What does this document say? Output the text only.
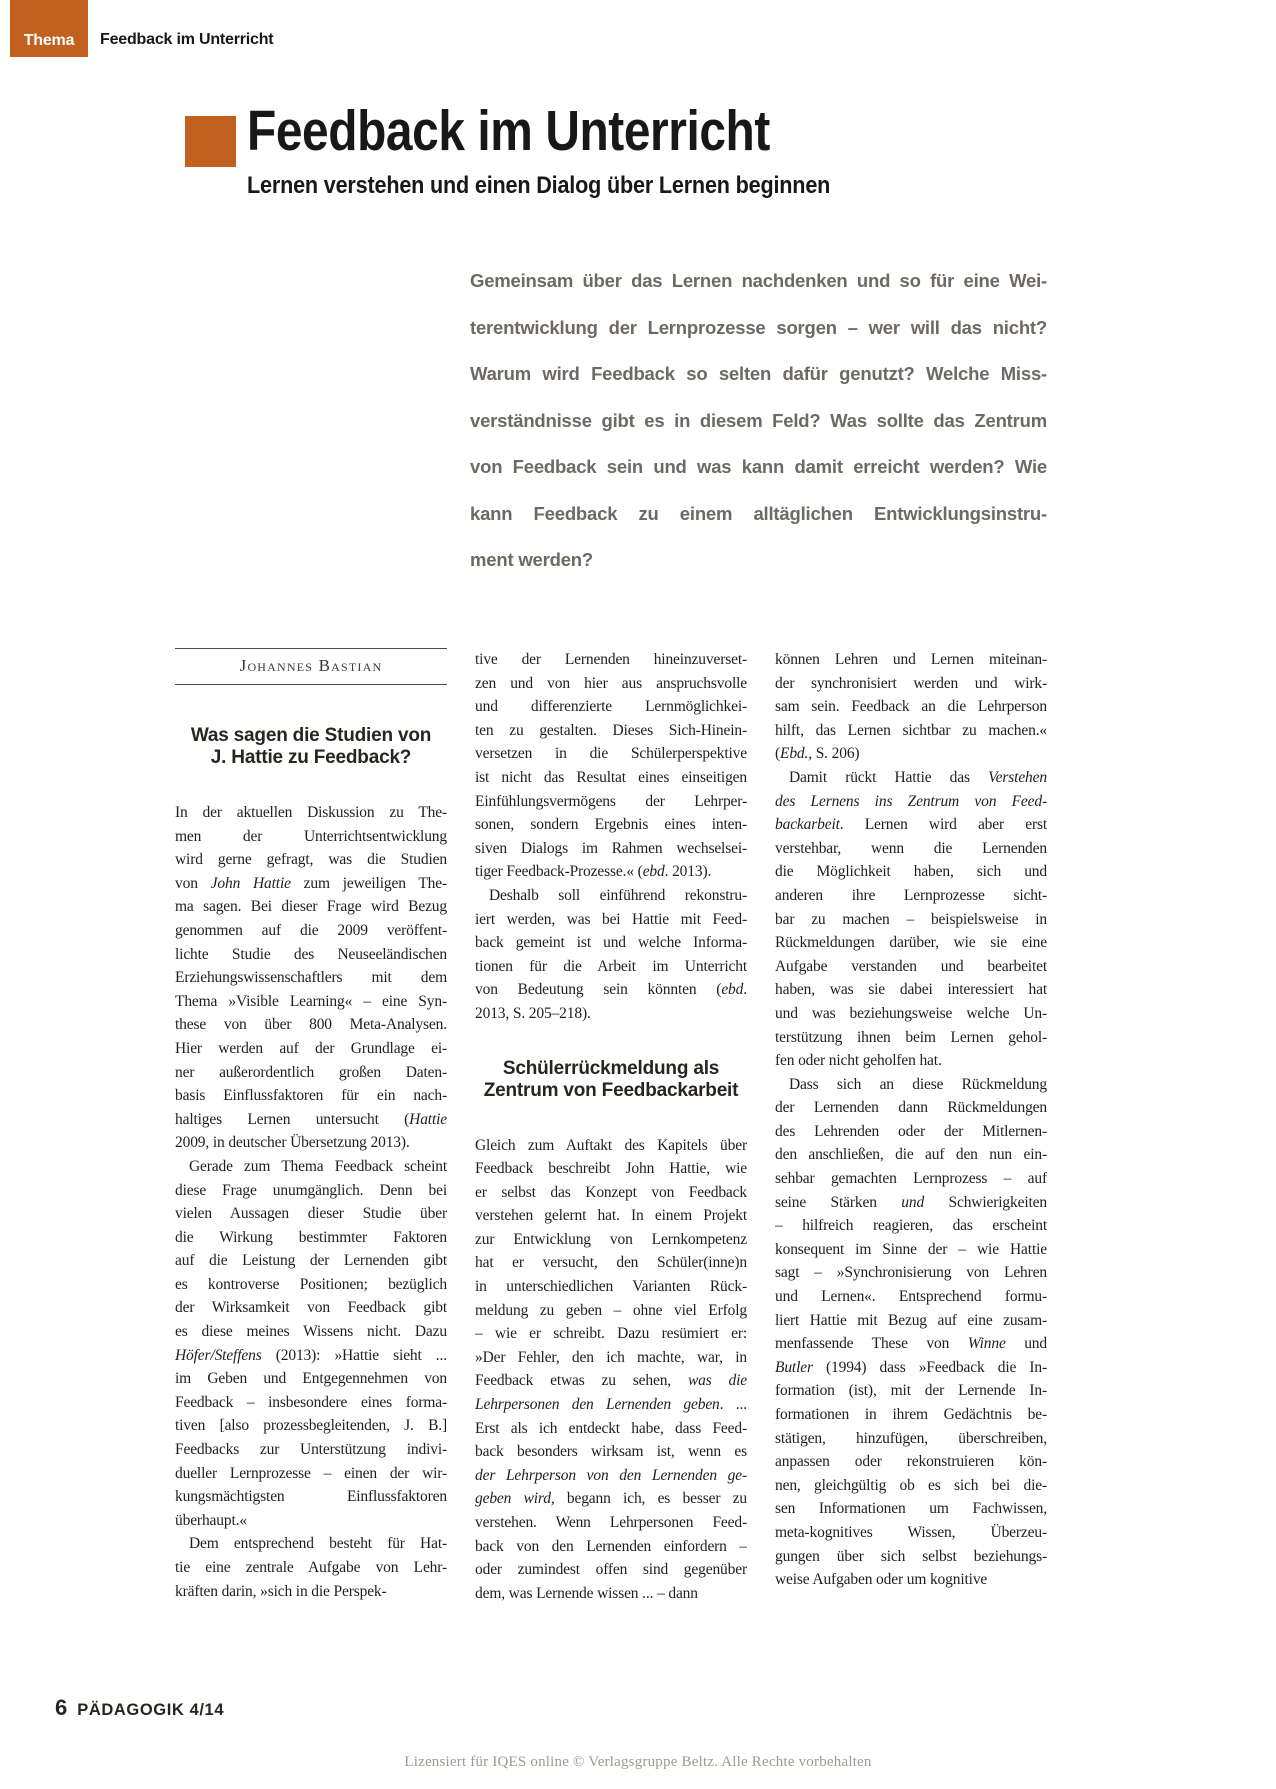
Thema Feedback im Unterricht
Feedback im Unterricht
Lernen verstehen und einen Dialog über Lernen beginnen
Gemeinsam über das Lernen nachdenken und so für eine Wei-
terentwicklung der Lernprozesse sorgen – wer will das nicht?
Warum wird Feedback so selten dafür genutzt? Welche Miss-
verständnisse gibt es in diesem Feld? Was sollte das Zentrum
von Feedback sein und was kann damit erreicht werden? Wie
kann Feedback zu einem alltäglichen Entwicklungsinstru-
ment werden?
Johannes Bastian
Was sagen die Studien von
J. Hattie zu Feedback?
In der aktuellen Diskussion zu The-
men der Unterrichtsentwicklung
wird gerne gefragt, was die Studien
von John Hattie zum jeweiligen The-
ma sagen. Bei dieser Frage wird Bezug
genommen auf die 2009 veröffent-
lichte Studie des Neuseeländischen
Erziehungswissenschaftlers mit dem
Thema »Visible Learning« – eine Syn-
these von über 800 Meta-Analysen.
Hier werden auf der Grundlage ei-
ner außerordentlich großen Daten-
basis Einflussfaktoren für ein nach-
haltiges Lernen untersucht (Hattie
2009, in deutscher Übersetzung 2013).
Gerade zum Thema Feedback scheint
diese Frage unumgänglich. Denn bei
vielen Aussagen dieser Studie über
die Wirkung bestimmter Faktoren
auf die Leistung der Lernenden gibt
es kontroverse Positionen; bezüglich
der Wirksamkeit von Feedback gibt
es diese meines Wissens nicht. Dazu
Höfer/Steffens (2013): »Hattie sieht ...
im Geben und Entgegennehmen von
Feedback – insbesondere eines forma-
tiven [also prozessbegleitenden, J. B.]
Feedbacks zur Unterstützung indivi-
dueller Lernprozesse – einen der wir-
kungsmächtigsten Einflussfaktoren
überhaupt.«
Dem entsprechend besteht für Hat-
tie eine zentrale Aufgabe von Lehr-
kräften darin, »sich in die Perspek-
tive der Lernenden hineinzuverset-
zen und von hier aus anspruchsvolle
und differenzierte Lernmöglichkei-
ten zu gestalten. Dieses Sich-Hinein-
versetzen in die Schülerperspektive
ist nicht das Resultat eines einseitigen
Einfühlungsvermögens der Lehrper-
sonen, sondern Ergebnis eines inten-
siven Dialogs im Rahmen wechselsei-
tiger Feedback-Prozesse.« (ebd. 2013).
Deshalb soll einführend rekonstru-
iert werden, was bei Hattie mit Feed-
back gemeint ist und welche Informa-
tionen für die Arbeit im Unterricht
von Bedeutung sein könnten (ebd.
2013, S. 205–218).
Schülerrückmeldung als
Zentrum von Feedbackarbeit
Gleich zum Auftakt des Kapitels über
Feedback beschreibt John Hattie, wie
er selbst das Konzept von Feedback
verstehen gelernt hat. In einem Projekt
zur Entwicklung von Lernkompetenz
hat er versucht, den Schüler(inne)n
in unterschiedlichen Varianten Rück-
meldung zu geben – ohne viel Erfolg
– wie er schreibt. Dazu resümiert er:
»Der Fehler, den ich machte, war, in
Feedback etwas zu sehen, was die
Lehrpersonen den Lernenden geben. ...
Erst als ich entdeckt habe, dass Feed-
back besonders wirksam ist, wenn es
der Lehrperson von den Lernenden ge-
geben wird, begann ich, es besser zu
verstehen. Wenn Lehrpersonen Feed-
back von den Lernenden einfordern –
oder zumindest offen sind gegenüber
dem, was Lernende wissen ... – dann
können Lehren und Lernen miteinan-
der synchronisiert werden und wirk-
sam sein. Feedback an die Lehrperson
hilft, das Lernen sichtbar zu machen.«
(Ebd., S. 206)
Damit rückt Hattie das Verstehen
des Lernens ins Zentrum von Feed-
backarbeit. Lernen wird aber erst
verstehbar, wenn die Lernenden
die Möglichkeit haben, sich und
anderen ihre Lernprozesse sicht-
bar zu machen – beispielsweise in
Rückmeldungen darüber, wie sie eine
Aufgabe verstanden und bearbeitet
haben, was sie dabei interessiert hat
und was beziehungsweise welche Un-
terstützung ihnen beim Lernen gehol-
fen oder nicht geholfen hat.
Dass sich an diese Rückmeldung
der Lernenden dann Rückmeldungen
des Lehrenden oder der Mitlernen-
den anschließen, die auf den nun ein-
sehbar gemachten Lernprozess – auf
seine Stärken und Schwierigkeiten
– hilfreich reagieren, das erscheint
konsequent im Sinne der – wie Hattie
sagt – »Synchronisierung von Lehren
und Lernen«. Entsprechend formu-
liert Hattie mit Bezug auf eine zusam-
menfassende These von Winne und
Butler (1994) dass »Feedback die In-
formation (ist), mit der Lernende In-
formationen in ihrem Gedächtnis be-
stätigen, hinzufügen, überschreiben,
anpassen oder rekonstruieren kön-
nen, gleichgültig ob es sich bei die-
sen Informationen um Fachwissen,
meta-kognitives Wissen, Überzeu-
gungen über sich selbst beziehungs-
weise Aufgaben oder um kognitive
6 PÄDAGOGIK 4/14
Lizensiert für IQES online © Verlagsgruppe Beltz. Alle Rechte vorbehalten
